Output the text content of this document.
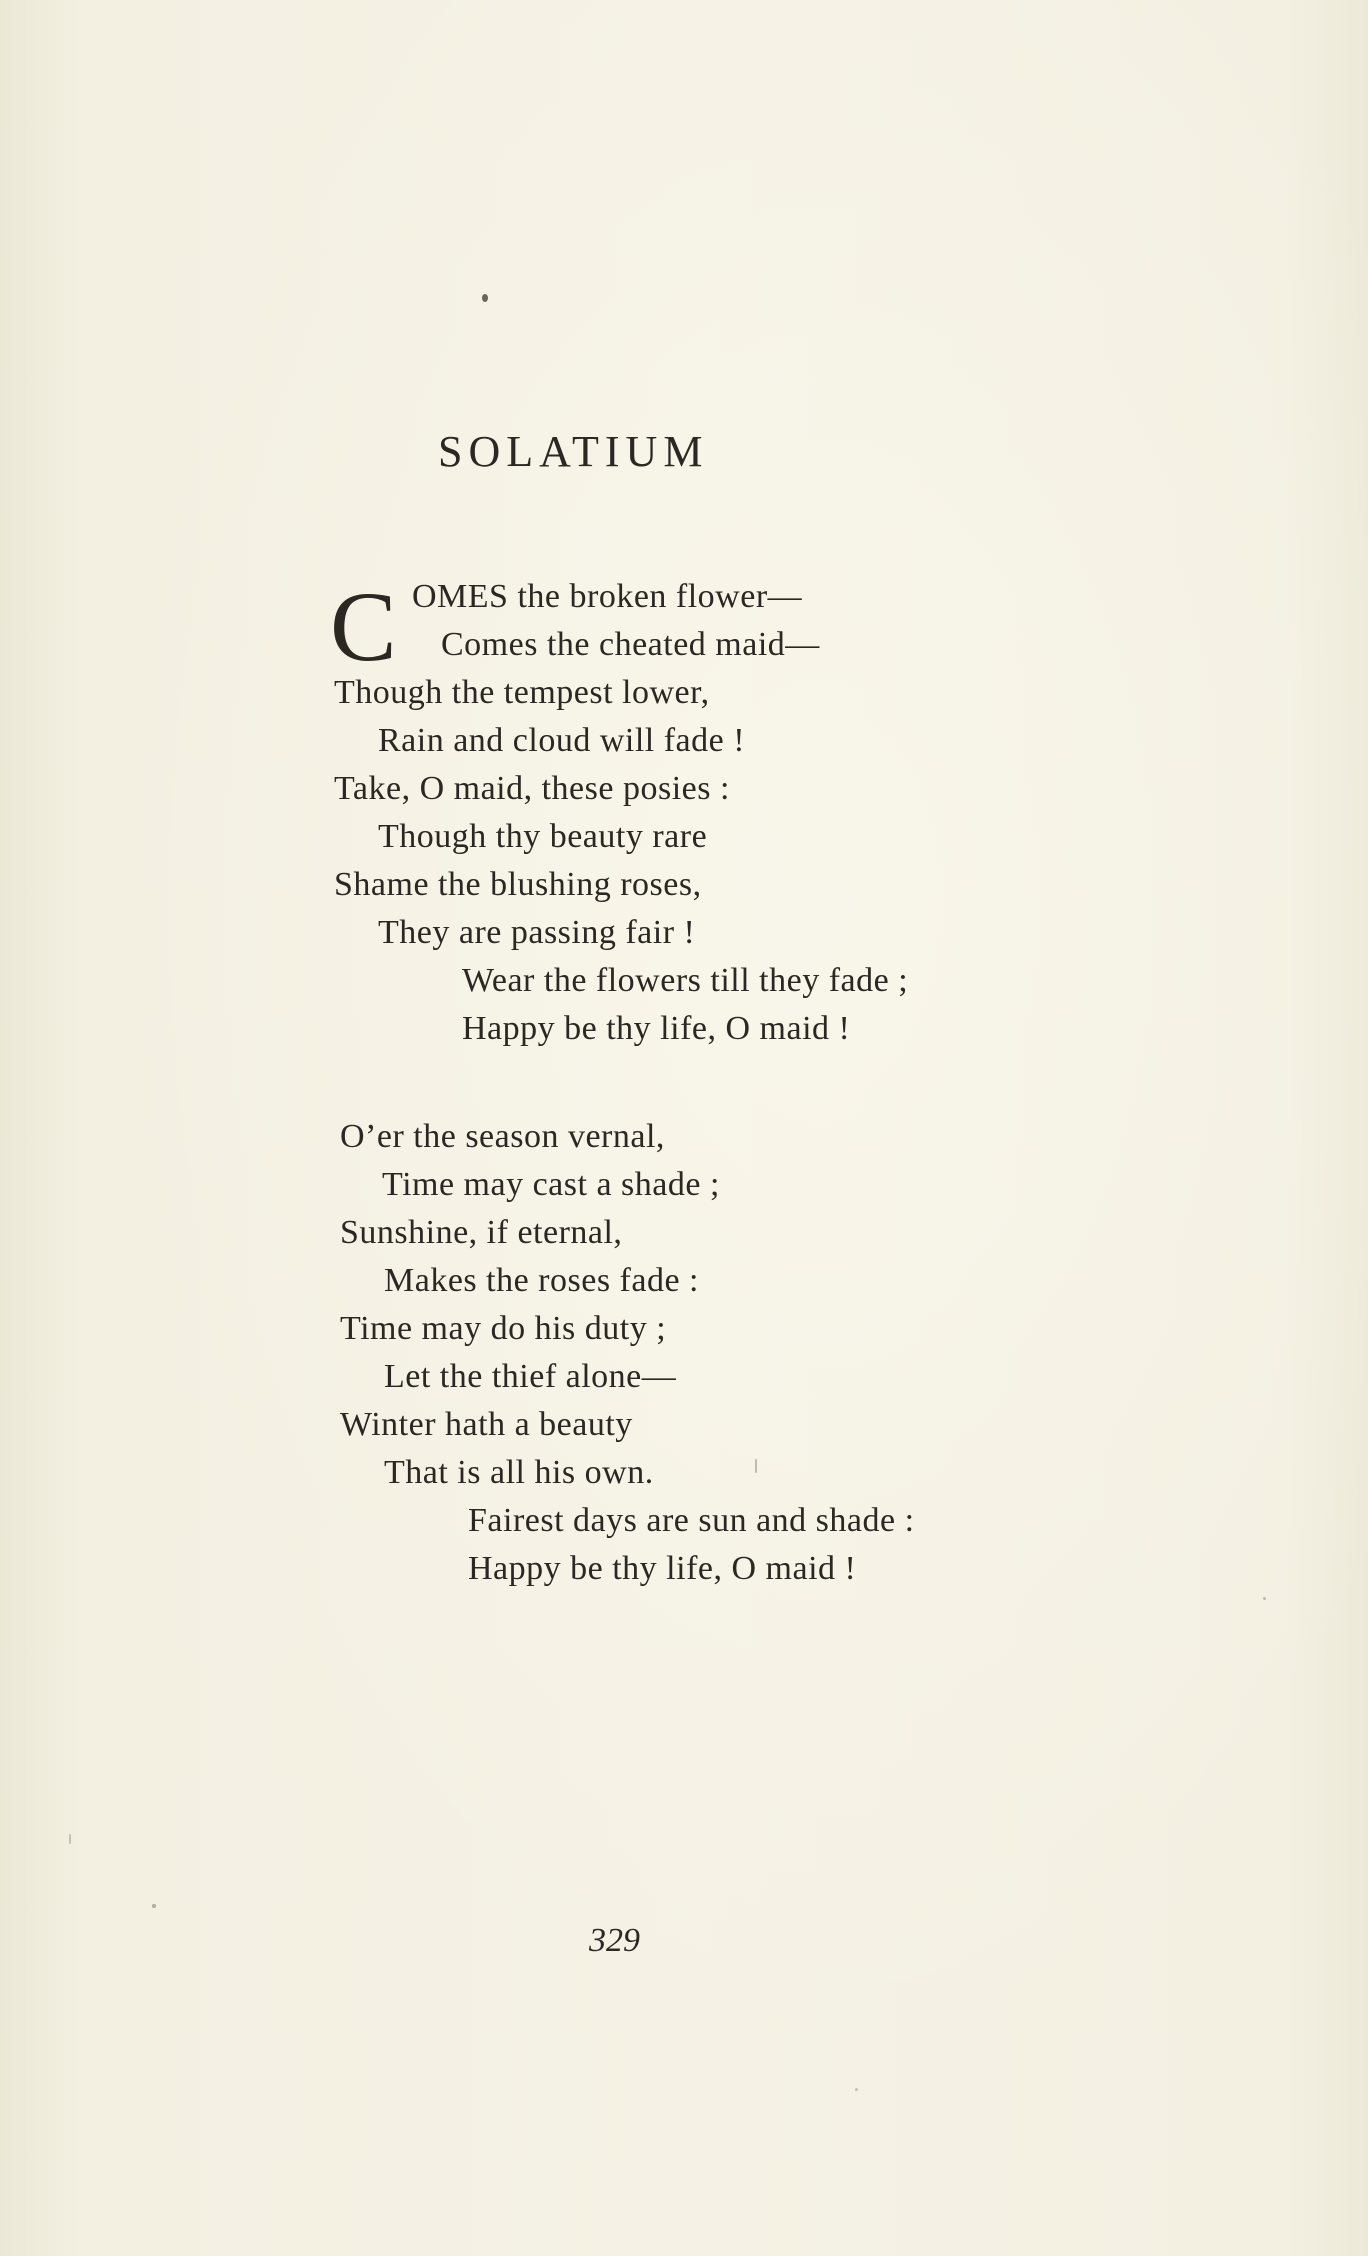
SOLATIUM
C OMES the broken flower—
Comes the cheated maid—
Though the tempest lower,
Rain and cloud will fade !
Take, O maid, these posies :
Though thy beauty rare
Shame the blushing roses,
They are passing fair !
Wear the flowers till they fade ;
Happy be thy life, O maid !
O’er the season vernal,
Time may cast a shade ;
Sunshine, if eternal,
Makes the roses fade :
Time may do his duty ;
Let the thief alone—
Winter hath a beauty
That is all his own.
Fairest days are sun and shade :
Happy be thy life, O maid !
329
